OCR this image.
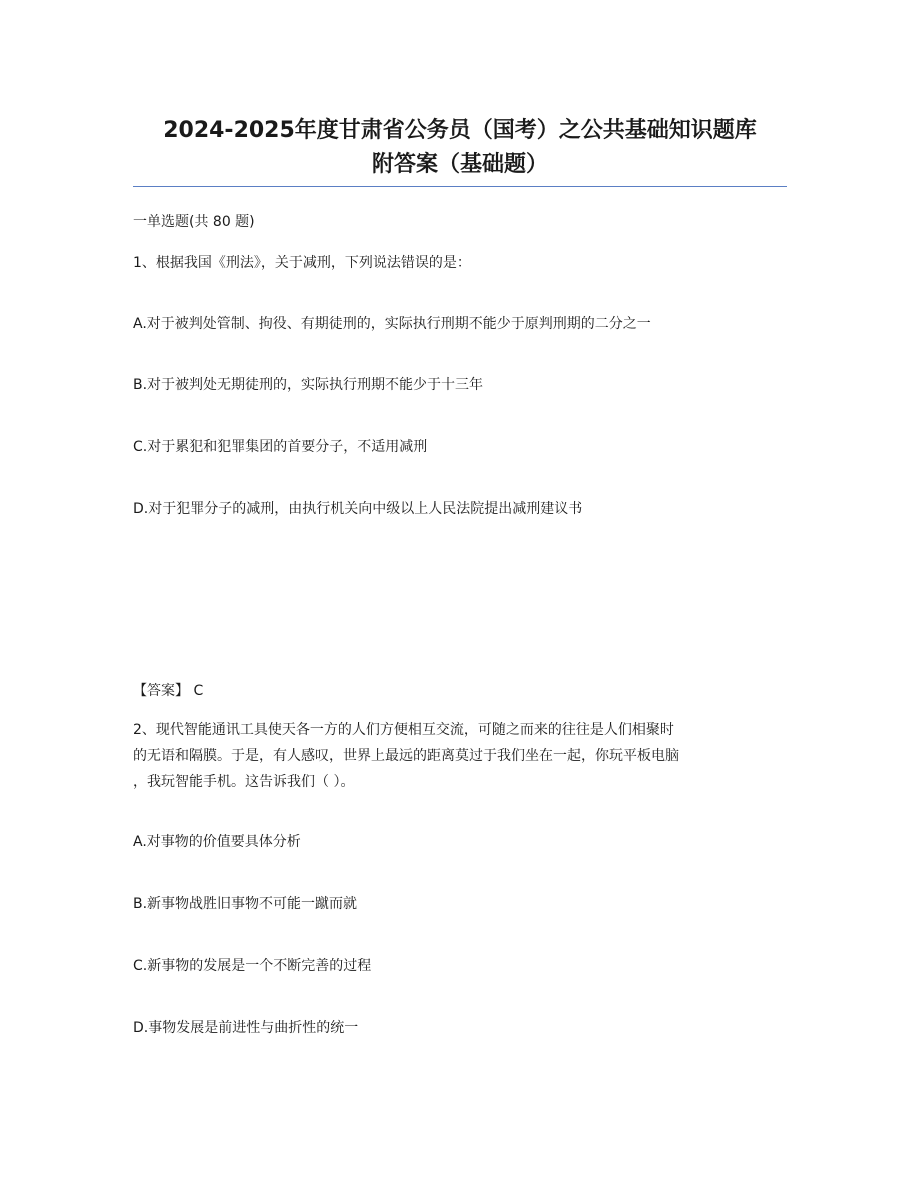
2024-2025年度甘肃省公务员（国考）之公共基础知识题库
附答案（基础题）
一单选题(共 80 题)
1、根据我国《刑法》，关于减刑，下列说法错误的是：
A.对于被判处管制、拘役、有期徒刑的，实际执行刑期不能少于原判刑期的二分之一
B.对于被判处无期徒刑的，实际执行刑期不能少于十三年
C.对于累犯和犯罪集团的首要分子，不适用减刑
D.对于犯罪分子的减刑，由执行机关向中级以上人民法院提出减刑建议书
【答案】 C
2、现代智能通讯工具使天各一方的人们方便相互交流，可随之而来的往往是人们相聚时
的无语和隔膜。于是，有人感叹，世界上最远的距离莫过于我们坐在一起，你玩平板电脑
，我玩智能手机。这告诉我们（ ）。
A.对事物的价值要具体分析
B.新事物战胜旧事物不可能一蹴而就
C.新事物的发展是一个不断完善的过程
D.事物发展是前进性与曲折性的统一
